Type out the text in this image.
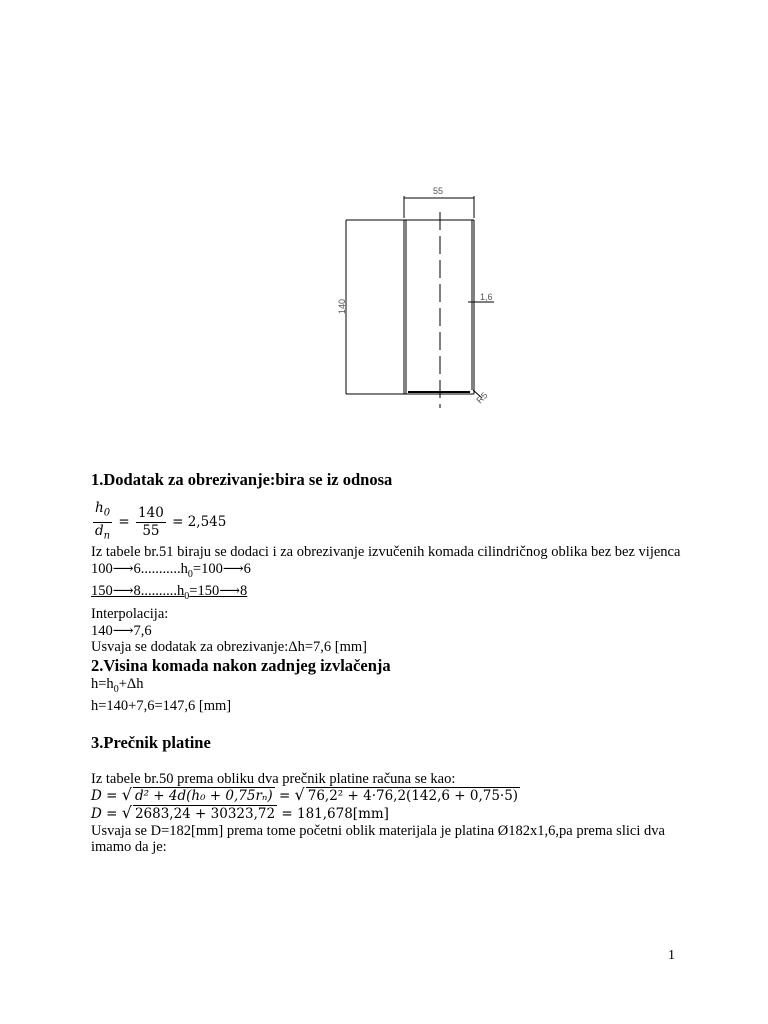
55
140
1,6
R5
1.Dodatak za obrezivanje:bira se iz odnosa
$\frac{h_0}{d_n} = \frac{140}{55}$
= 2,545
Iz tabele br.51 biraju se dodaci i za obrezivanje izvučenih komada cilindričnog oblika bez bez vijenca
$100⟶6...........h_0=100⟶6$
$150⟶8..........h_0=150⟶8$
Interpolacija:
140⟶7,6
Usvaja se dodatak za obrezivanje:Δh=7,6 [mm]
2.Visina komada nakon zadnjeg izvlačenja
$h=h_0+\Delta h$
h=140+7,6=147,6 [mm]
3.Prečnik platine
Iz tabele br.50 prema obliku dva prečnik platine računa se kao:
D = √ d² + 4d(h₀ + 0,75rₙ) = √ 76,2² + 4·76,2(142,6 + 0,75·5)
D = √ 2683,24 + 30323,72 = 181,678[mm]
Usvaja se D=182[mm] prema tome početni oblik materijala je platina Ø182x1,6,pa prema slici dva imamo da je:
1
